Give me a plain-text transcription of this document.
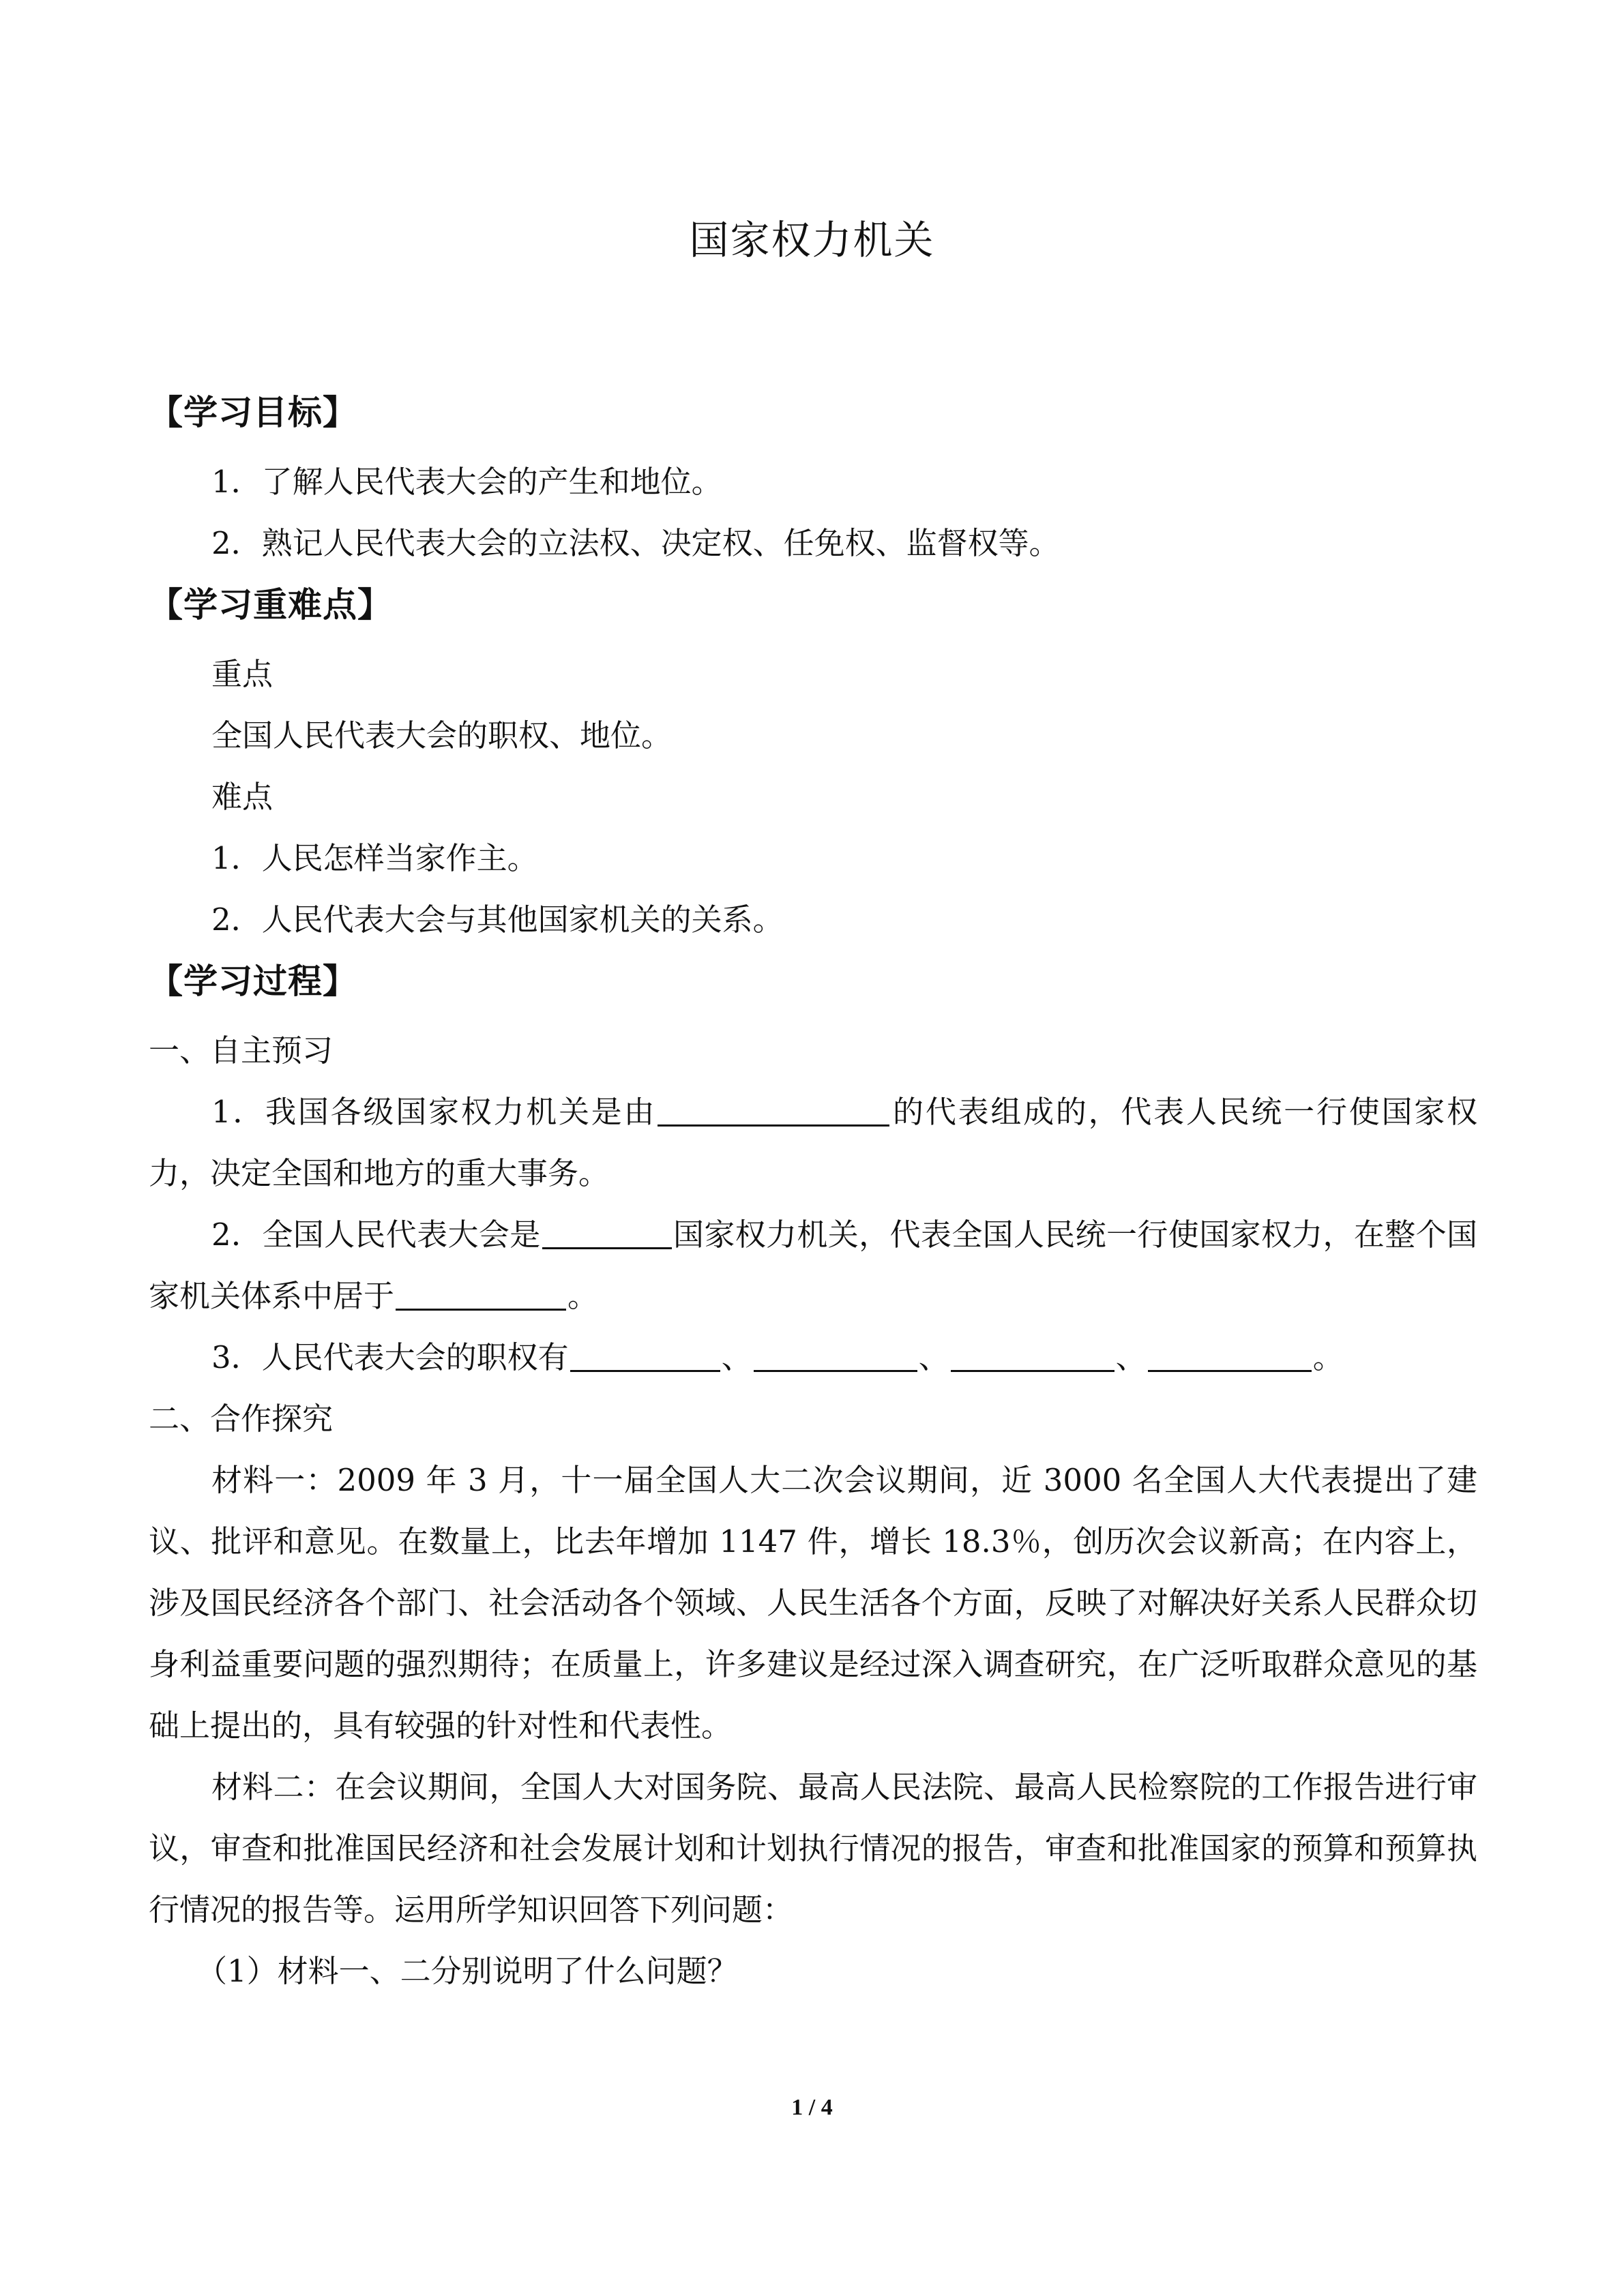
国家权力机关
【学习目标】

1．了解人民代表大会的产生和地位。

2．熟记人民代表大会的立法权、决定权、任免权、监督权等。

【学习重难点】

重点

全国人民代表大会的职权、地位。

难点

1．人民怎样当家作主。

2．人民代表大会与其他国家机关的关系。

【学习过程】

一、自主预习

1．我国各级国家权力机关是由	的代表组成的，代表人民统一行使国家权力，决定全国和地方的重大事务。

2．全国人民代表大会是	国家权力机关，代表全国人民统一行使国家权力，在整个国家机关体系中居于	。

3．人民代表大会的职权有	、	、	、	。

二、合作探究

材料一：2009 年 3 月，十一届全国人大二次会议期间，近 3000 名全国人大代表提出了建议、批评和意见。在数量上，比去年增加 1147 件，增长 18.3％，创历次会议新高；在内容上，涉及国民经济各个部门、社会活动各个领域、人民生活各个方面，反映了对解决好关系人民群众切身利益重要问题的强烈期待；在质量上，许多建议是经过深入调查研究，在广泛听取群众意见的基础上提出的，具有较强的针对性和代表性。

材料二：在会议期间，全国人大对国务院、最高人民法院、最高人民检察院的工作报告进行审议，审查和批准国民经济和社会发展计划和计划执行情况的报告，审查和批准国家的预算和预算执行情况的报告等。运用所学知识回答下列问题：

（1）材料一、二分别说明了什么问题？

1 / 4
